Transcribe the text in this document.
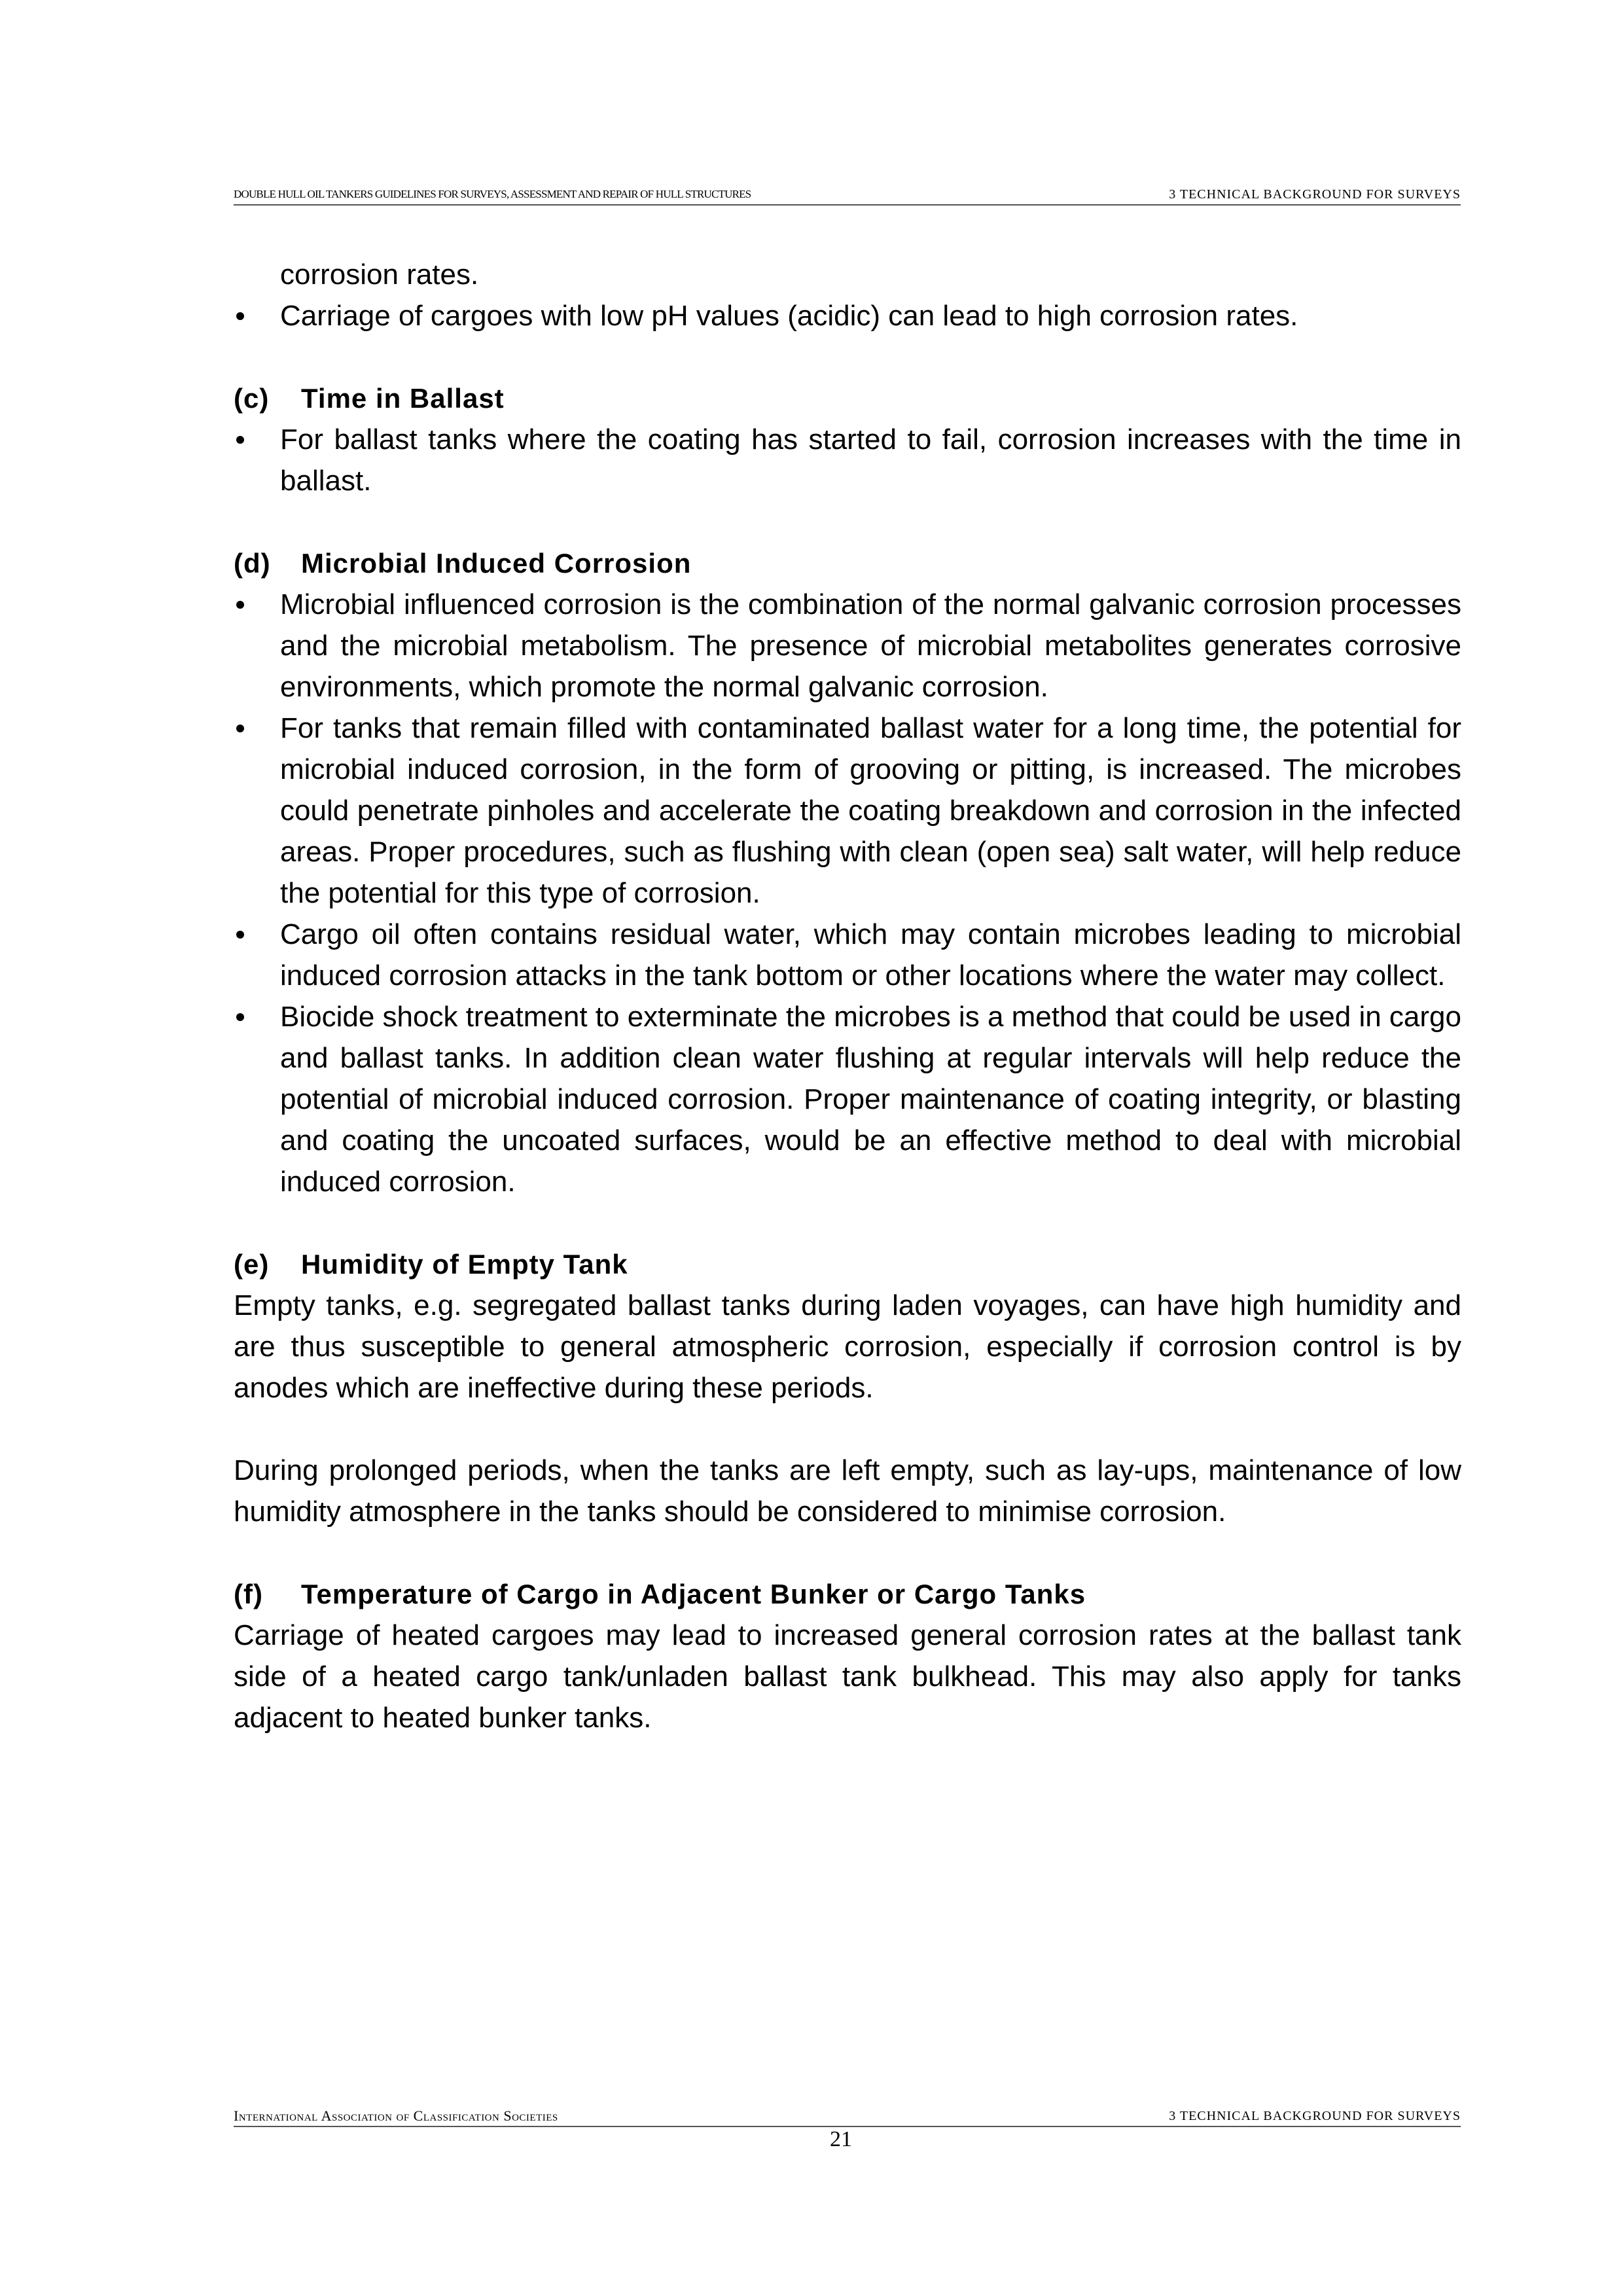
DOUBLE HULL OIL TANKERS GUIDELINES FOR SURVEYS, ASSESSMENT AND REPAIR OF HULL STRUCTURES	3 TECHNICAL BACKGROUND FOR SURVEYS

corrosion rates.

Carriage of cargoes with low pH values (acidic) can lead to high corrosion rates.

(c) Time in Ballast

For ballast tanks where the coating has started to fail, corrosion increases with the time in ballast.

(d) Microbial Induced Corrosion

Microbial influenced corrosion is the combination of the normal galvanic corrosion processes and the microbial metabolism. The presence of microbial metabolites generates corrosive environments, which promote the normal galvanic corrosion.
For tanks that remain filled with contaminated ballast water for a long time, the potential for microbial induced corrosion, in the form of grooving or pitting, is increased. The microbes could penetrate pinholes and accelerate the coating breakdown and corrosion in the infected areas. Proper procedures, such as flushing with clean (open sea) salt water, will help reduce the potential for this type of corrosion.
Cargo oil often contains residual water, which may contain microbes leading to microbial induced corrosion attacks in the tank bottom or other locations where the water may collect.
Biocide shock treatment to exterminate the microbes is a method that could be used in cargo and ballast tanks. In addition clean water flushing at regular intervals will help reduce the potential of microbial induced corrosion. Proper maintenance of coating integrity, or blasting and coating the uncoated surfaces, would be an effective method to deal with microbial induced corrosion.

(e) Humidity of Empty Tank

Empty tanks, e.g. segregated ballast tanks during laden voyages, can have high humidity and are thus susceptible to general atmospheric corrosion, especially if corrosion control is by anodes which are ineffective during these periods.

During prolonged periods, when the tanks are left empty, such as lay-ups, maintenance of low humidity atmosphere in the tanks should be considered to minimise corrosion.

(f) Temperature of Cargo in Adjacent Bunker or Cargo Tanks

Carriage of heated cargoes may lead to increased general corrosion rates at the ballast tank side of a heated cargo tank/unladen ballast tank bulkhead. This may also apply for tanks adjacent to heated bunker tanks.

International Association of Classification Societies	3 TECHNICAL BACKGROUND FOR SURVEYS
21
